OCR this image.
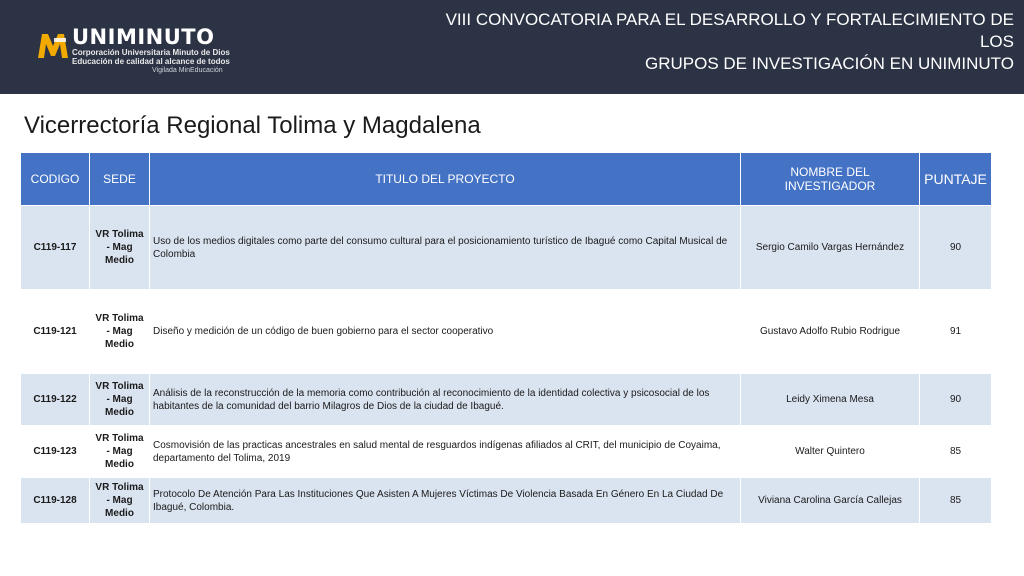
UNIMINUTO
Corporación Universitaria Minuto de Dios
Educación de calidad al alcance de todos
Vigilada MinEducación
VIII CONVOCATORIA PARA EL DESARROLLO Y FORTALECIMIENTO DE LOS
GRUPOS DE INVESTIGACIÓN EN UNIMINUTO
Vicerrectoría Regional Tolima y Magdalena
CODIGO	SEDE	TITULO DEL PROYECTO	NOMBRE DEL INVESTIGADOR	PUNTAJE
C119-117	VR Tolima - Mag Medio	Uso de los medios digitales como parte del consumo cultural para el posicionamiento turístico de Ibagué como Capital Musical de Colombia	Sergio Camilo Vargas Hernández	90
C119-121	VR Tolima - Mag Medio	Diseño y medición de un código de buen gobierno para el sector cooperativo	Gustavo Adolfo Rubio Rodrigue	91
C119-122	VR Tolima - Mag Medio	Análisis de la reconstrucción de la memoria como contribución al reconocimiento de la identidad colectiva y psicosocial de los habitantes de la comunidad del barrio Milagros de Dios de la ciudad de Ibagué.	Leidy Ximena Mesa	90
C119-123	VR Tolima - Mag Medio	Cosmovisión de las practicas ancestrales en salud mental de resguardos indígenas afiliados al CRIT, del municipio de Coyaima, departamento del Tolima, 2019	Walter Quintero	85
C119-128	VR Tolima - Mag Medio	Protocolo De Atención Para Las Instituciones Que Asisten A Mujeres Víctimas De Violencia Basada En Género En La Ciudad De Ibagué, Colombia.	Viviana Carolina García Callejas	85
